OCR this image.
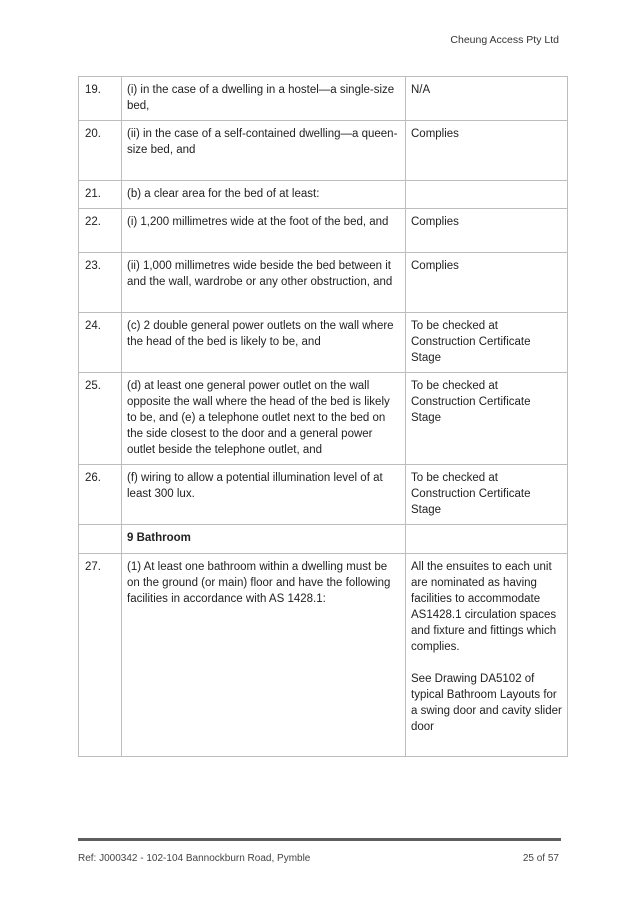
Cheung Access Pty Ltd
19.	(i) in the case of a dwelling in a hostel—a single-size bed,	N/A
20.	(ii) in the case of a self-contained dwelling—a queen-size bed, and	Complies
21.	(b) a clear area for the bed of at least:	
22.	(i) 1,200 millimetres wide at the foot of the bed, and	Complies
23.	(ii) 1,000 millimetres wide beside the bed between it and the wall, wardrobe or any other obstruction, and	Complies
24.	(c) 2 double general power outlets on the wall where the head of the bed is likely to be, and	To be checked at Construction Certificate Stage
25.	(d) at least one general power outlet on the wall opposite the wall where the head of the bed is likely to be, and (e) a telephone outlet next to the bed on the side closest to the door and a general power outlet beside the telephone outlet, and	To be checked at Construction Certificate Stage
26.	(f) wiring to allow a potential illumination level of at least 300 lux.	To be checked at Construction Certificate Stage
	9 Bathroom	
27.	(1) At least one bathroom within a dwelling must be on the ground (or main) floor and have the following facilities in accordance with AS 1428.1:	All the ensuites to each unit are nominated as having facilities to accommodate AS1428.1 circulation spaces and fixture and fittings which complies.

See Drawing DA5102 of typical Bathroom Layouts for a swing door and cavity slider door
Ref: J000342 - 102-104 Bannockburn Road, Pymble	25 of 57
